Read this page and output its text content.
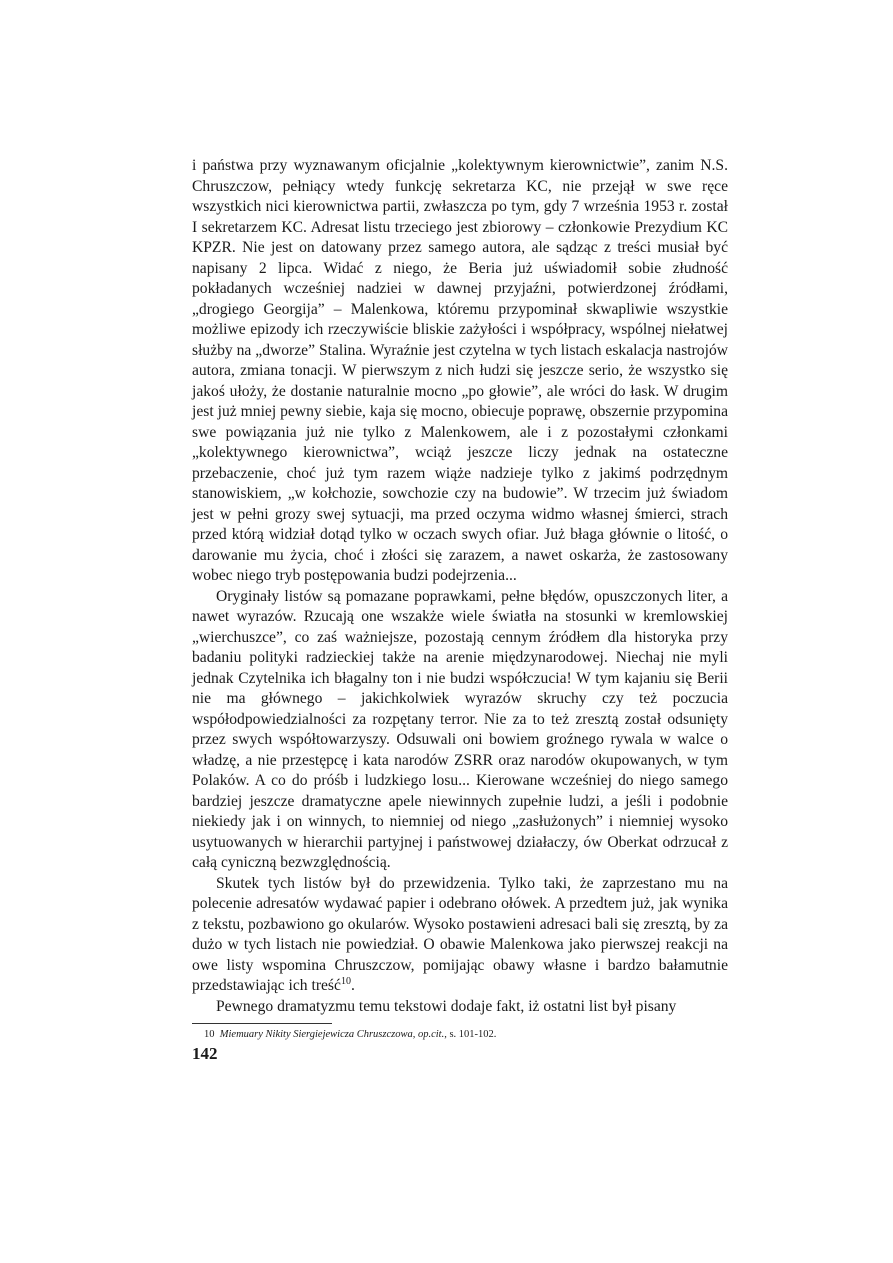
i państwa przy wyznawanym oficjalnie „kolektywnym kierownictwie”, zanim N.S. Chruszczow, pełniący wtedy funkcję sekretarza KC, nie przejął w swe ręce wszystkich nici kierownictwa partii, zwłaszcza po tym, gdy 7 września 1953 r. został I sekretarzem KC. Adresat listu trzeciego jest zbiorowy – członkowie Prezydium KC KPZR. Nie jest on datowany przez samego autora, ale sądząc z treści musiał być napisany 2 lipca. Widać z niego, że Beria już uświadomił sobie złudność pokładanych wcześniej nadziei w dawnej przyjaźni, potwierdzonej źródłami, „drogiego Georgija” – Malenkowa, któremu przypominał skwapliwie wszystkie możliwe epizody ich rzeczywiście bliskie zażyłości i współpracy, wspólnej niełatwej służby na „dworze” Stalina. Wyraźnie jest czytelna w tych listach eskalacja nastrojów autora, zmiana tonacji. W pierwszym z nich łudzi się jeszcze serio, że wszystko się jakoś ułoży, że dostanie naturalnie mocno „po głowie”, ale wróci do łask. W drugim jest już mniej pewny siebie, kaja się mocno, obiecuje poprawę, obszernie przypomina swe powiązania już nie tylko z Malenkowem, ale i z pozostałymi członkami „kolektywnego kierownictwa”, wciąż jeszcze liczy jednak na ostateczne przebaczenie, choć już tym razem wiąże nadzieje tylko z jakimś podrzędnym stanowiskiem, „w kołchozie, sowchozie czy na budowie”. W trzecim już świadom jest w pełni grozy swej sytuacji, ma przed oczyma widmo własnej śmierci, strach przed którą widział dotąd tylko w oczach swych ofiar. Już błaga głównie o litość, o darowanie mu życia, choć i złości się zarazem, a nawet oskarża, że zastosowany wobec niego tryb postępowania budzi podejrzenia...

Oryginały listów są pomazane poprawkami, pełne błędów, opuszczonych liter, a nawet wyrazów. Rzucają one wszakże wiele światła na stosunki w kremlowskiej „wierchuszce”, co zaś ważniejsze, pozostają cennym źródłem dla historyka przy badaniu polityki radzieckiej także na arenie międzynarodowej. Niechaj nie myli jednak Czytelnika ich błagalny ton i nie budzi współczucia! W tym kajaniu się Berii nie ma głównego – jakichkolwiek wyrazów skruchy czy też poczucia współodpowiedzialności za rozpętany terror. Nie za to też zresztą został odsunięty przez swych współtowarzyszy. Odsuwali oni bowiem groźnego rywala w walce o władzę, a nie przestępcę i kata narodów ZSRR oraz narodów okupowanych, w tym Polaków. A co do próśb i ludzkiego losu... Kierowane wcześniej do niego samego bardziej jeszcze dramatyczne apele niewinnych zupełnie ludzi, a jeśli i podobnie niekiedy jak i on winnych, to niemniej od niego „zasłużonych” i niemniej wysoko usytuowanych w hierarchii partyjnej i państwowej działaczy, ów Oberkat odrzucał z całą cyniczną bezwzględnością.

Skutek tych listów był do przewidzenia. Tylko taki, że zaprzestano mu na polecenie adresatów wydawać papier i odebrano ołówek. A przedtem już, jak wynika z tekstu, pozbawiono go okularów. Wysoko postawieni adresaci bali się zresztą, by za dużo w tych listach nie powiedział. O obawie Malenkowa jako pierwszej reakcji na owe listy wspomina Chruszczow, pomijając obawy własne i bardzo bałamutnie przedstawiając ich treść$^{10}$.

Pewnego dramatyzmu temu tekstowi dodaje fakt, iż ostatni list był pisany

10 Miemuary Nikity Siergiejewicza Chruszczowa, op.cit., s. 101-102.
142
